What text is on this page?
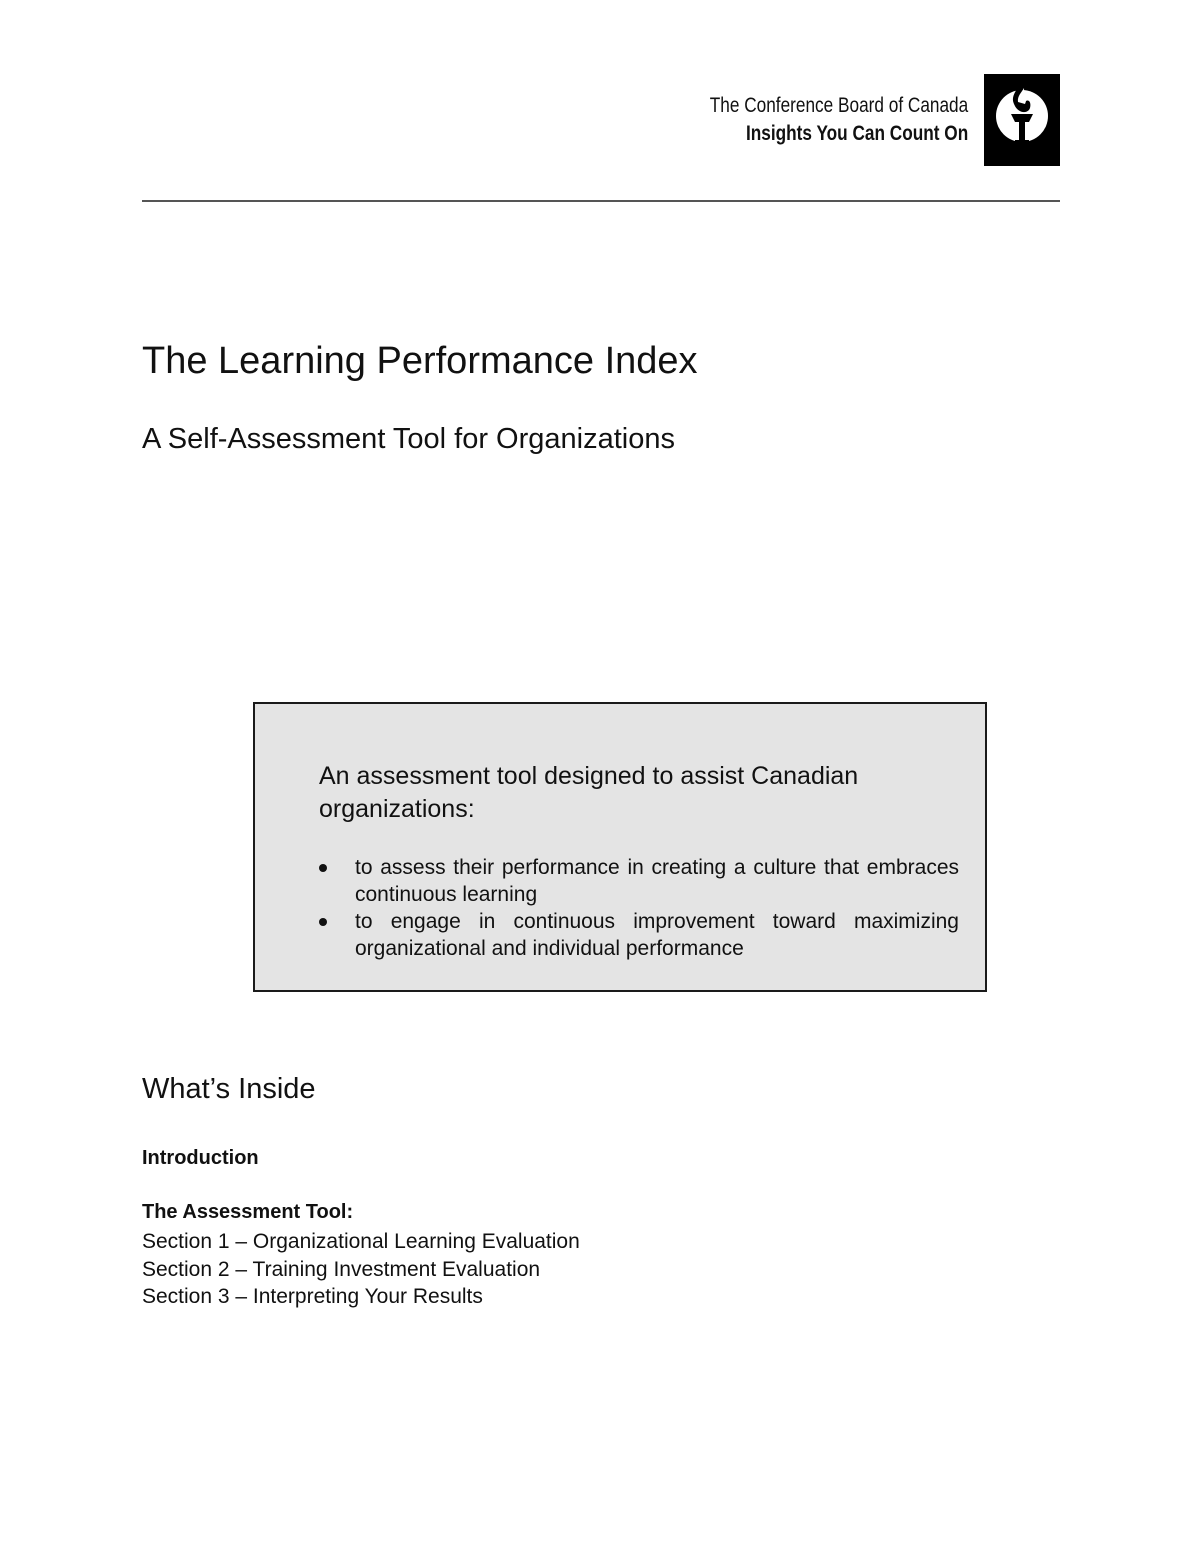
The Conference Board of Canada
Insights You Can Count On
The Learning Performance Index
A Self-Assessment Tool for Organizations

An assessment tool designed to assist Canadian organizations:

to assess their performance in creating a culture that embraces continuous learning
to engage in continuous improvement toward maximizing organizational and individual performance
What’s Inside

Introduction

The Assessment Tool:

Section 1 – Organizational Learning Evaluation
Section 2 – Training Investment Evaluation
Section 3 – Interpreting Your Results
